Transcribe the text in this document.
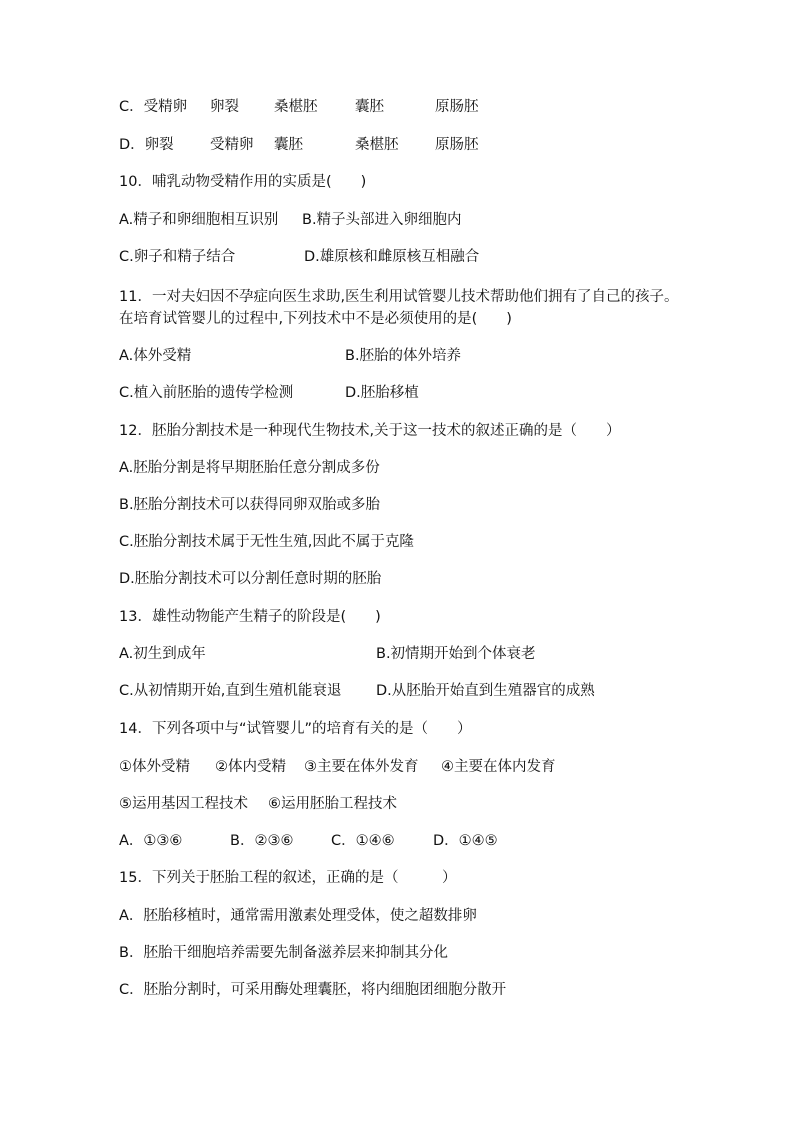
C．受精卵

卵裂

桑椹胚

	囊胚

	原肠胚

D．卵裂

	受精卵

囊胚

	桑椹胚

	原肠胚

10．哺乳动物受精作用的实质是(　　)
A.精子和卵细胞相互识别 B.精子头部进入卵细胞内
C.卵子和精子结合	D.雄原核和雌原核互相融合
11．一对夫妇因不孕症向医生求助,医生利用试管婴儿技术帮助他们拥有了自己的孩子。
在培育试管婴儿的过程中,下列技术中不是必须使用的是(　　)
A.体外受精	B.胚胎的体外培养
C.植入前胚胎的遗传学检测	D.胚胎移植
12．胚胎分割技术是一种现代生物技术,关于这一技术的叙述正确的是（　　）
A.胚胎分割是将早期胚胎任意分割成多份
B.胚胎分割技术可以获得同卵双胎或多胎
C.胚胎分割技术属于无性生殖,因此不属于克隆
D.胚胎分割技术可以分割任意时期的胚胎
13．雄性动物能产生精子的阶段是(　　)
A.初生到成年	B.初情期开始到个体衰老
C.从初情期开始,直到生殖机能衰退 D.从胚胎开始直到生殖器官的成熟
14．下列各项中与“试管婴儿”的培育有关的是（　　）

①体外受精

②体内受精

③主要在体外发育

④主要在体内发育

⑤运用基因工程技术

⑥运用胚胎工程技术

A．①③⑥	B．②③⑥	C．①④⑥	D．①④⑤
15．下列关于胚胎工程的叙述，正确的是（　　　）
A．胚胎移植时，通常需用激素处理受体，使之超数排卵
B．胚胎干细胞培养需要先制备滋养层来抑制其分化
C．胚胎分割时，可采用酶处理囊胚，将内细胞团细胞分散开
